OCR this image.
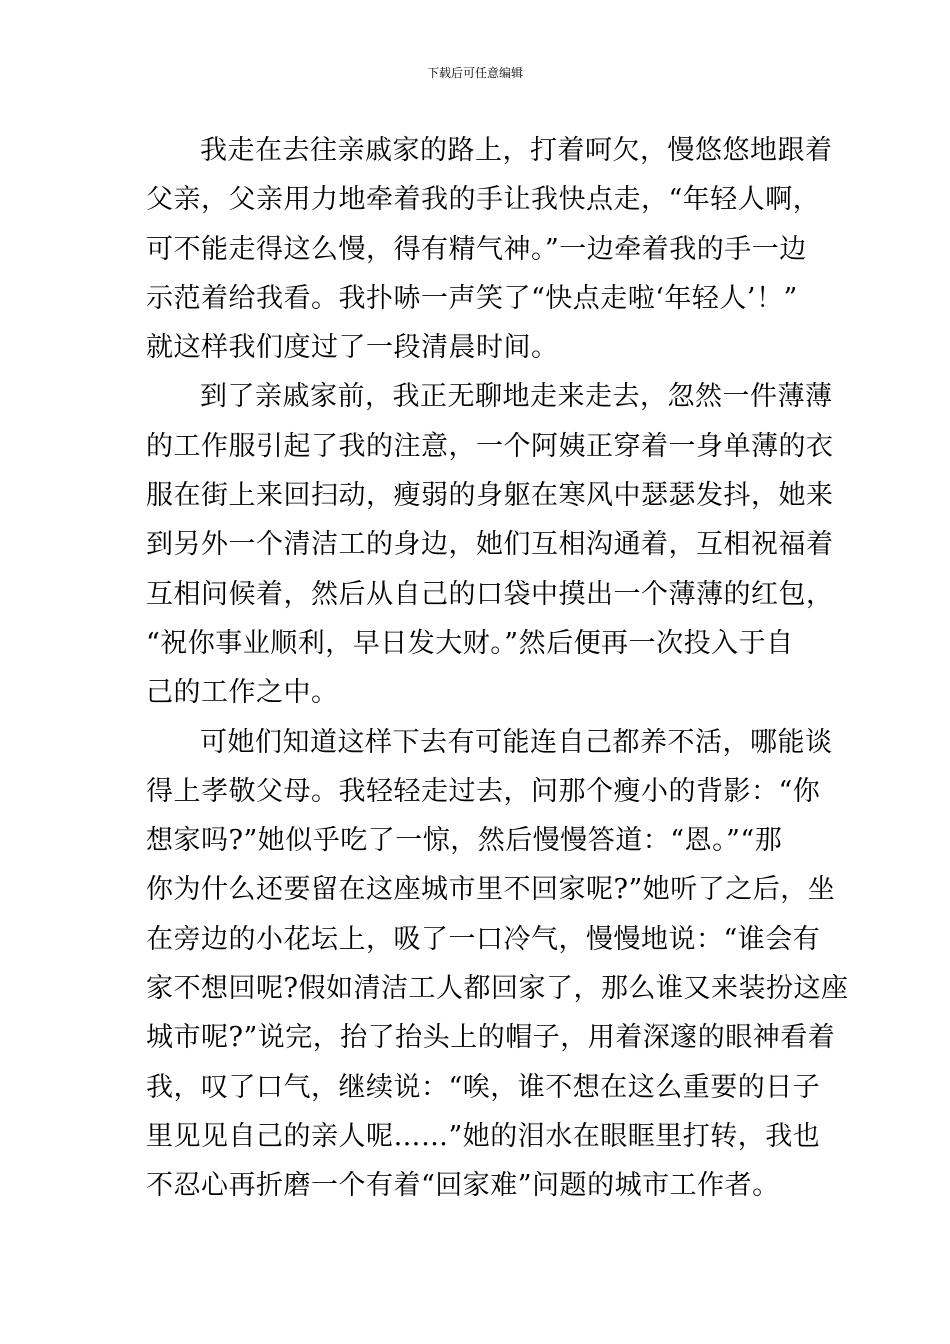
下载后可任意编辑
我走在去往亲戚家的路上，打着呵欠，慢悠悠地跟着
父亲，父亲用力地牵着我的手让我快点走，“年轻人啊，
可不能走得这么慢，得有精气神。”一边牵着我的手一边
示范着给我看。我扑哧一声笑了“快点走啦‘年轻人’！”
就这样我们度过了一段清晨时间。
到了亲戚家前，我正无聊地走来走去，忽然一件薄薄
的工作服引起了我的注意，一个阿姨正穿着一身单薄的衣
服在街上来回扫动，瘦弱的身躯在寒风中瑟瑟发抖，她来
到另外一个清洁工的身边，她们互相沟通着，互相祝福着
互相问候着，然后从自己的口袋中摸出一个薄薄的红包，
“祝你事业顺利，早日发大财。”然后便再一次投入于自
己的工作之中。
可她们知道这样下去有可能连自己都养不活，哪能谈
得上孝敬父母。我轻轻走过去，问那个瘦小的背影：“你
想家吗?”她似乎吃了一惊，然后慢慢答道：“恩。”“那
你为什么还要留在这座城市里不回家呢?”她听了之后，坐
在旁边的小花坛上，吸了一口冷气，慢慢地说：“谁会有
家不想回呢?假如清洁工人都回家了，那么谁又来装扮这座
城市呢?”说完，抬了抬头上的帽子，用着深邃的眼神看着
我，叹了口气，继续说：“唉，谁不想在这么重要的日子
里见见自己的亲人呢……”她的泪水在眼眶里打转，我也
不忍心再折磨一个有着“回家难”问题的城市工作者。
